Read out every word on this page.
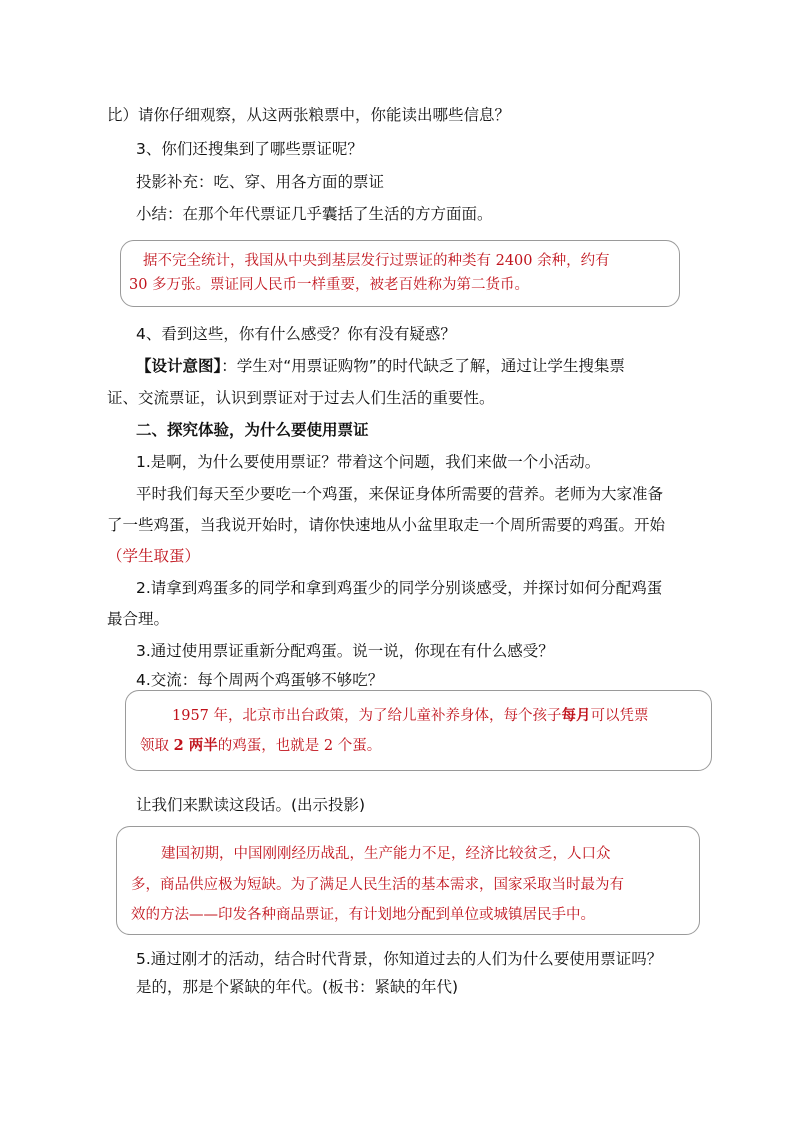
比）请你仔细观察，从这两张粮票中，你能读出哪些信息？
3、你们还搜集到了哪些票证呢？
投影补充：吃、穿、用各方面的票证
小结：在那个年代票证几乎囊括了生活的方方面面。
据不完全统计，我国从中央到基层发行过票证的种类有 2400 余种，约有
30 多万张。票证同人民币一样重要，被老百姓称为第二货币。
4、看到这些，你有什么感受？你有没有疑惑？
【设计意图】：学生对“用票证购物”的时代缺乏了解，通过让学生搜集票
证、交流票证，认识到票证对于过去人们生活的重要性。
二、探究体验，为什么要使用票证
1.是啊，为什么要使用票证？带着这个问题，我们来做一个小活动。
平时我们每天至少要吃一个鸡蛋，来保证身体所需要的营养。老师为大家准备
了一些鸡蛋，当我说开始时，请你快速地从小盆里取走一个周所需要的鸡蛋。开始
（学生取蛋）
2.请拿到鸡蛋多的同学和拿到鸡蛋少的同学分别谈感受，并探讨如何分配鸡蛋
最合理。
3.通过使用票证重新分配鸡蛋。说一说，你现在有什么感受？
4.交流：每个周两个鸡蛋够不够吃？
1957 年，北京市出台政策，为了给儿童补养身体，每个孩子每月可以凭票
领取 2 两半的鸡蛋，也就是 2 个蛋。
让我们来默读这段话。(出示投影)
建国初期，中国刚刚经历战乱，生产能力不足，经济比较贫乏，人口众
多，商品供应极为短缺。为了满足人民生活的基本需求，国家采取当时最为有
效的方法——印发各种商品票证，有计划地分配到单位或城镇居民手中。
5.通过刚才的活动，结合时代背景，你知道过去的人们为什么要使用票证吗？
是的，那是个紧缺的年代。(板书：紧缺的年代)
